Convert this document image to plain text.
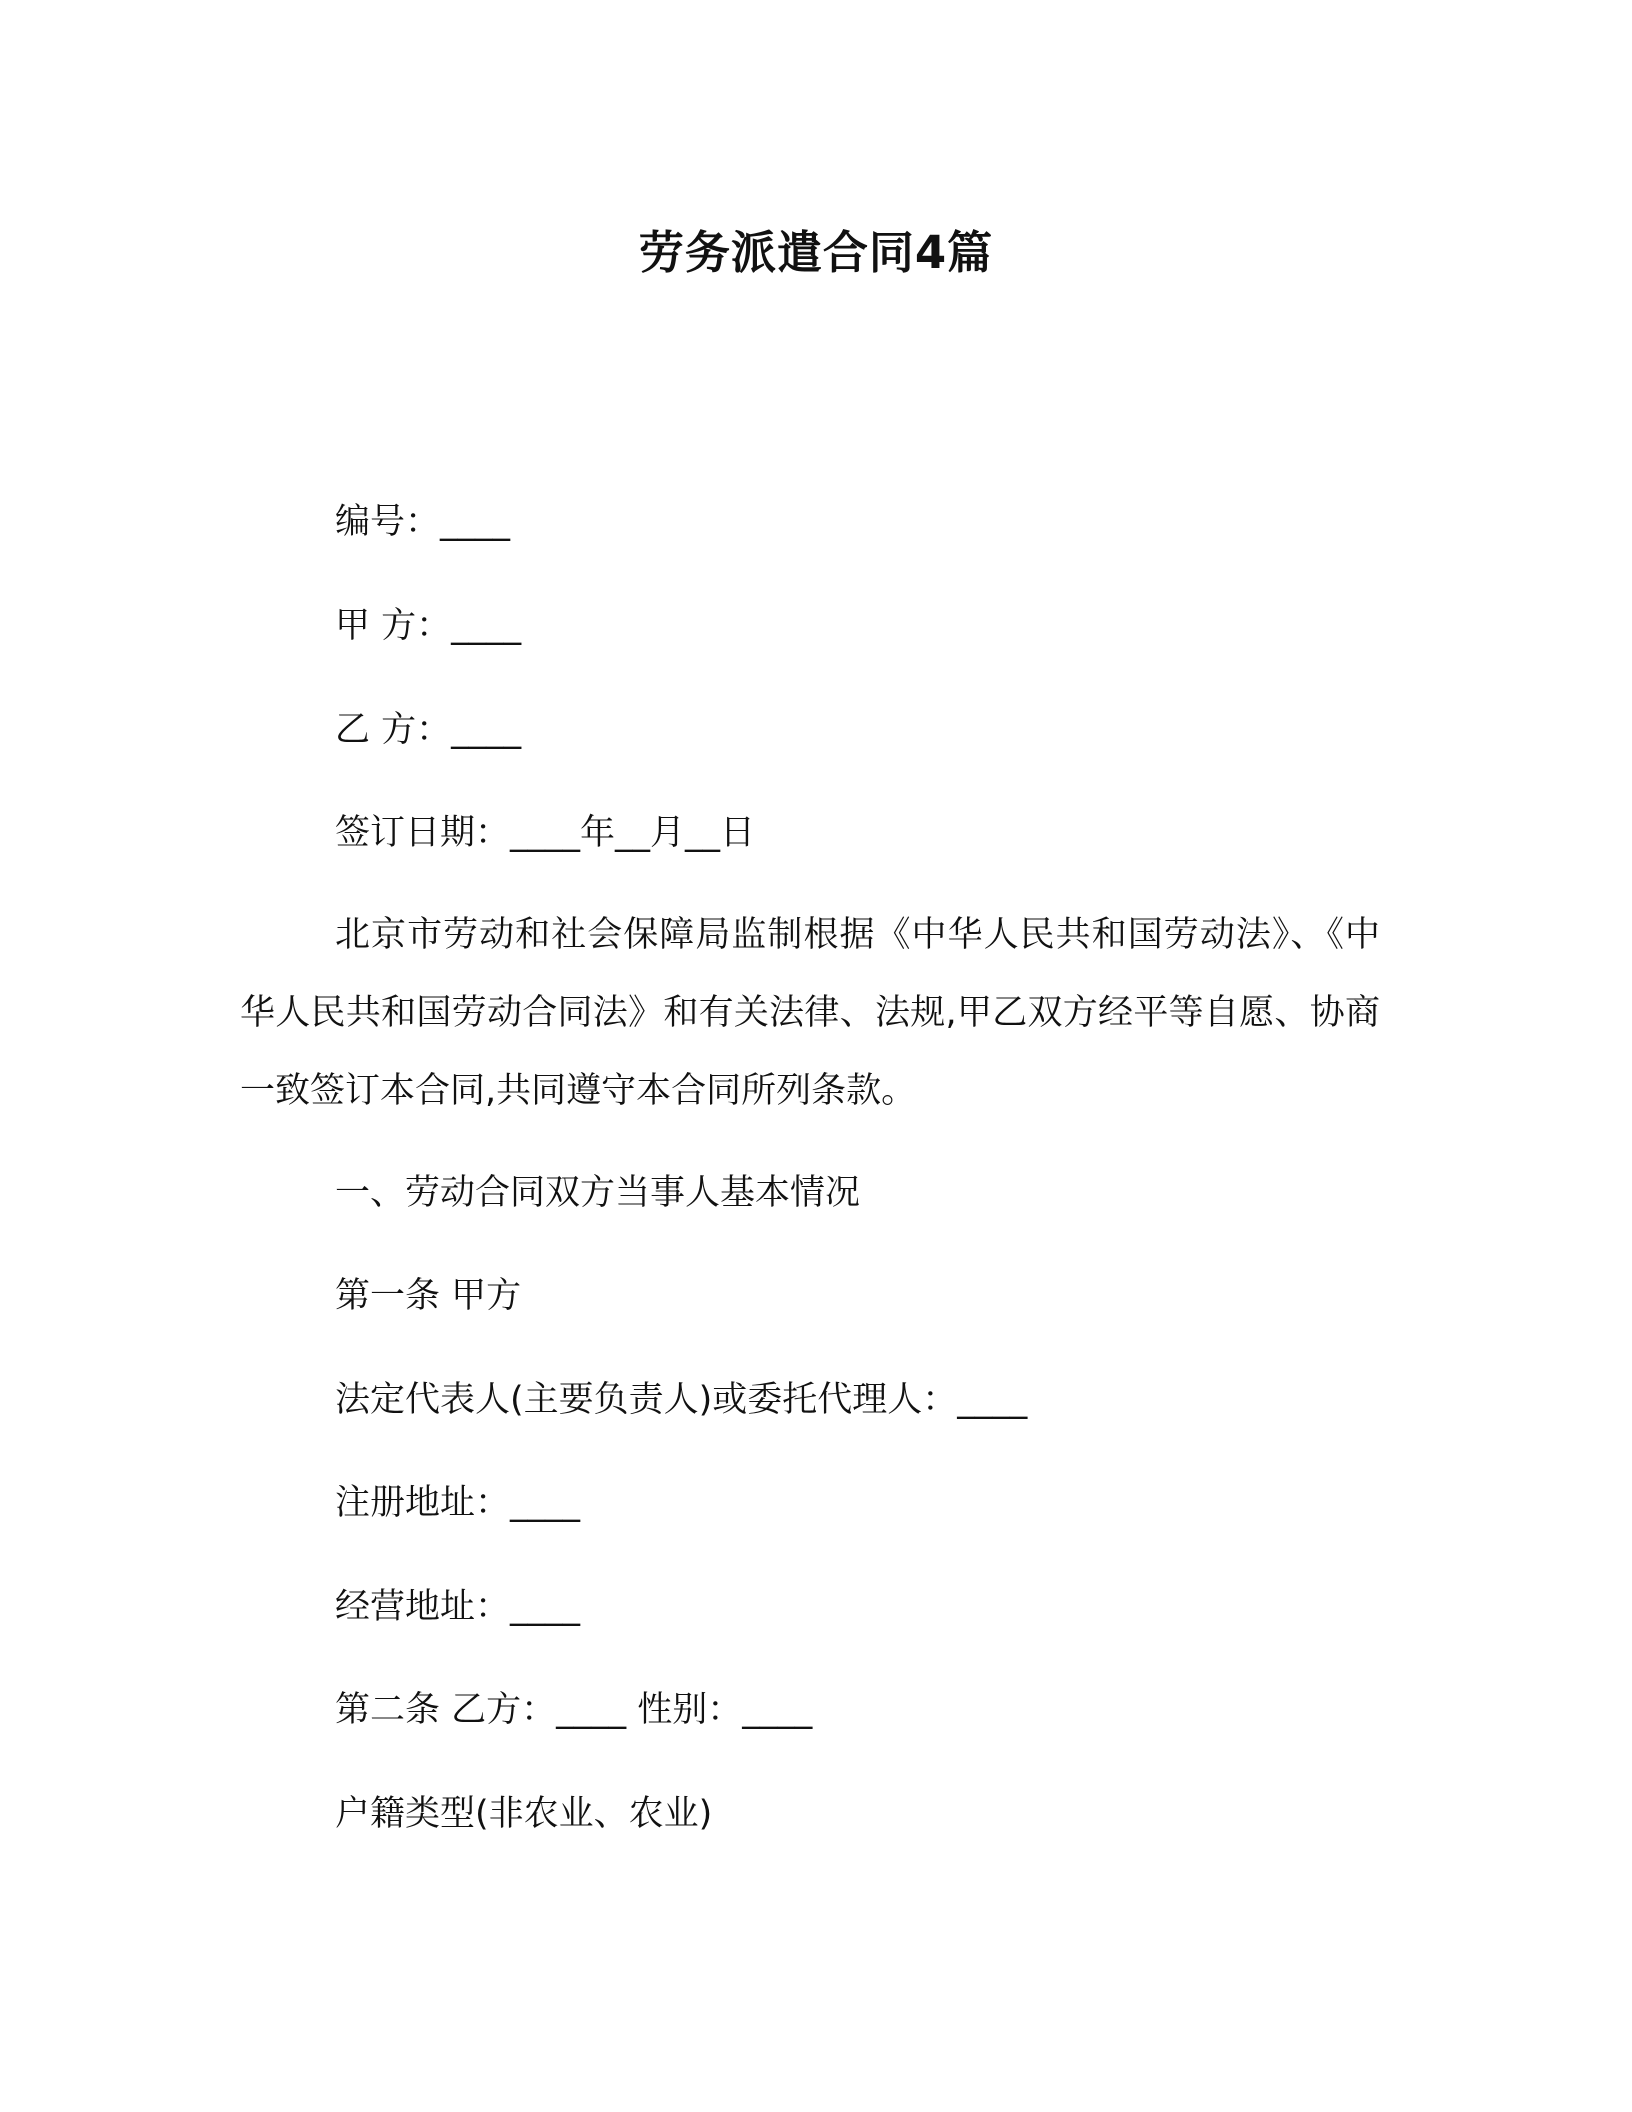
劳务派遣合同4篇

编号：____

甲 方：____

乙 方：____

签订日期：____年__月__日

北京市劳动和社会保障局监制根据《中华人民共和国劳动法》、《中华人民共和国劳动合同法》和有关法律、法规,甲乙双方经平等自愿、协商一致签订本合同,共同遵守本合同所列条款。

一、劳动合同双方当事人基本情况

第一条 甲方

法定代表人(主要负责人)或委托代理人：____

注册地址：____

经营地址：____

第二条 乙方：____ 性别：____

户籍类型(非农业、农业)
